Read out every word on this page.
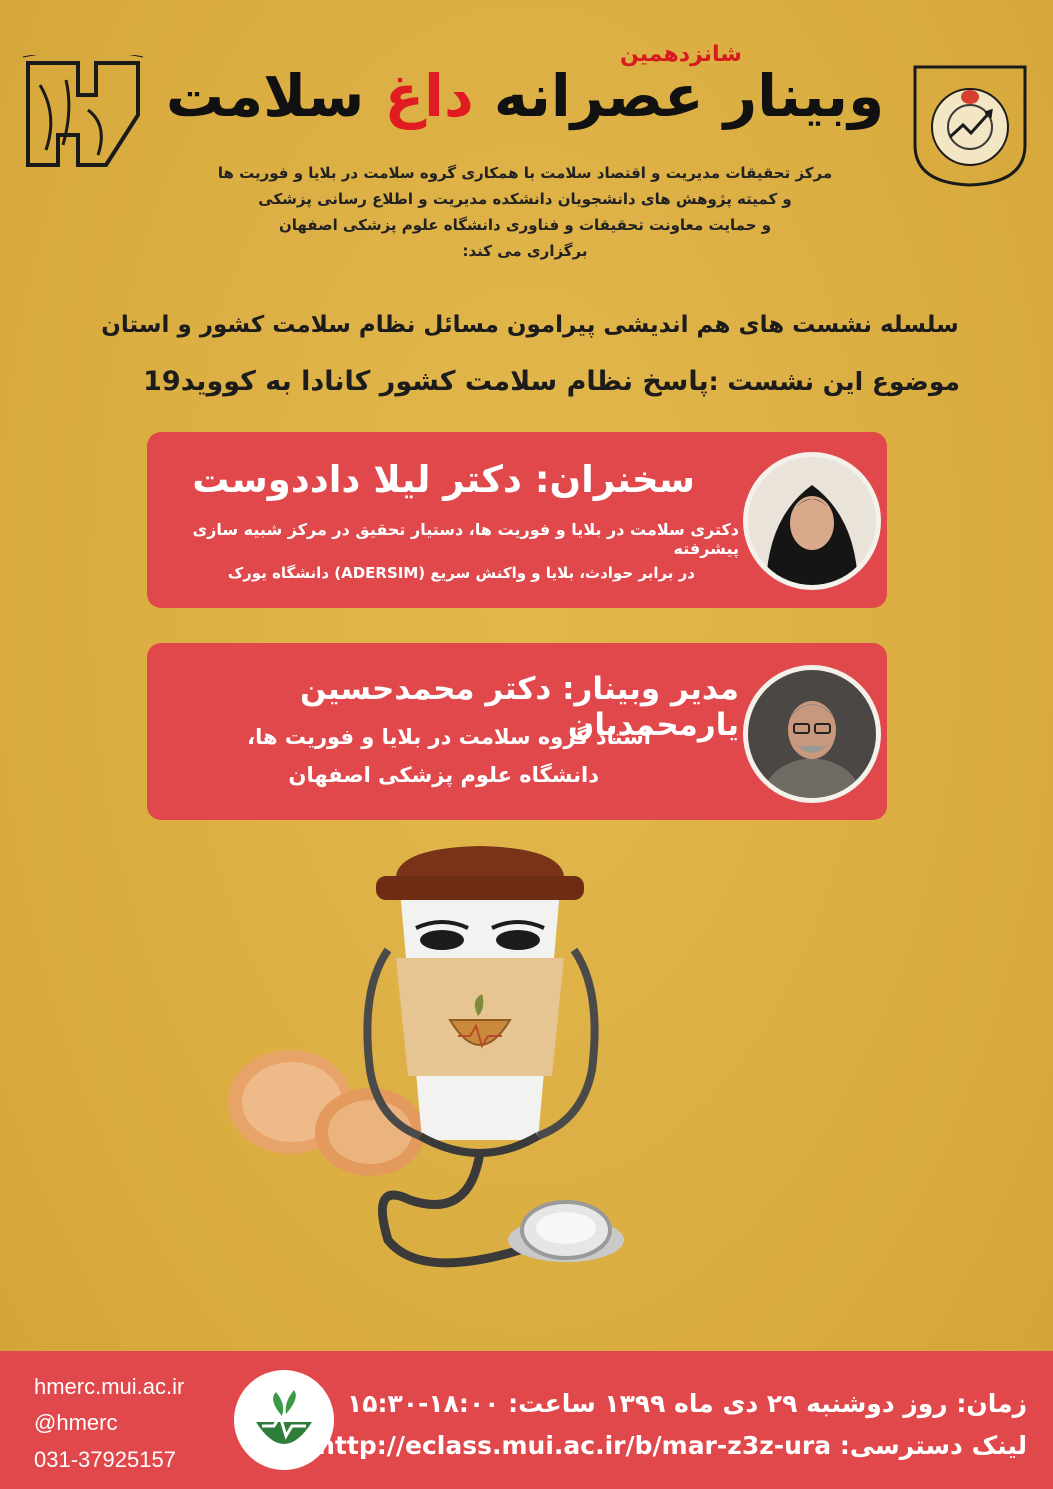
شانزدهمین
وبینار عصرانه داغ سلامت
مرکز تحقیقات مدیریت و اقتصاد سلامت با همکاری گروه سلامت در بلایا و فوریت ها
و کمیته پژوهش های دانشجویان دانشکده مدیریت و اطلاع رسانی پزشکی
و حمایت معاونت تحقیقات و فناوری دانشگاه علوم پزشکی اصفهان
برگزاری می کند:
سلسله نشست های هم اندیشی پیرامون مسائل نظام سلامت کشور و استان
موضوع این نشست :پاسخ نظام سلامت کشور کانادا به کووید19
سخنران: دکتر لیلا داددوست
دکتری سلامت در بلایا و فوریت ها، دستیار تحقیق در مرکز شبیه سازی پیشرفته
در برابر حوادث، بلایا و واکنش سریع (ADERSIM) دانشگاه یورک
مدیر وبینار: دکتر محمدحسین یارمحمدیان
استاد گروه سلامت در بلایا و فوریت ها،
دانشگاه علوم پزشکی اصفهان
hmerc.mui.ac.ir
@hmerc
031-37925157
زمان: روز دوشنبه ۲۹ دی ماه ۱۳۹۹ ساعت: ۱۸:۰۰-۱۵:۳۰
لینک دسترسی: http://eclass.mui.ac.ir/b/mar-z3z-ura
